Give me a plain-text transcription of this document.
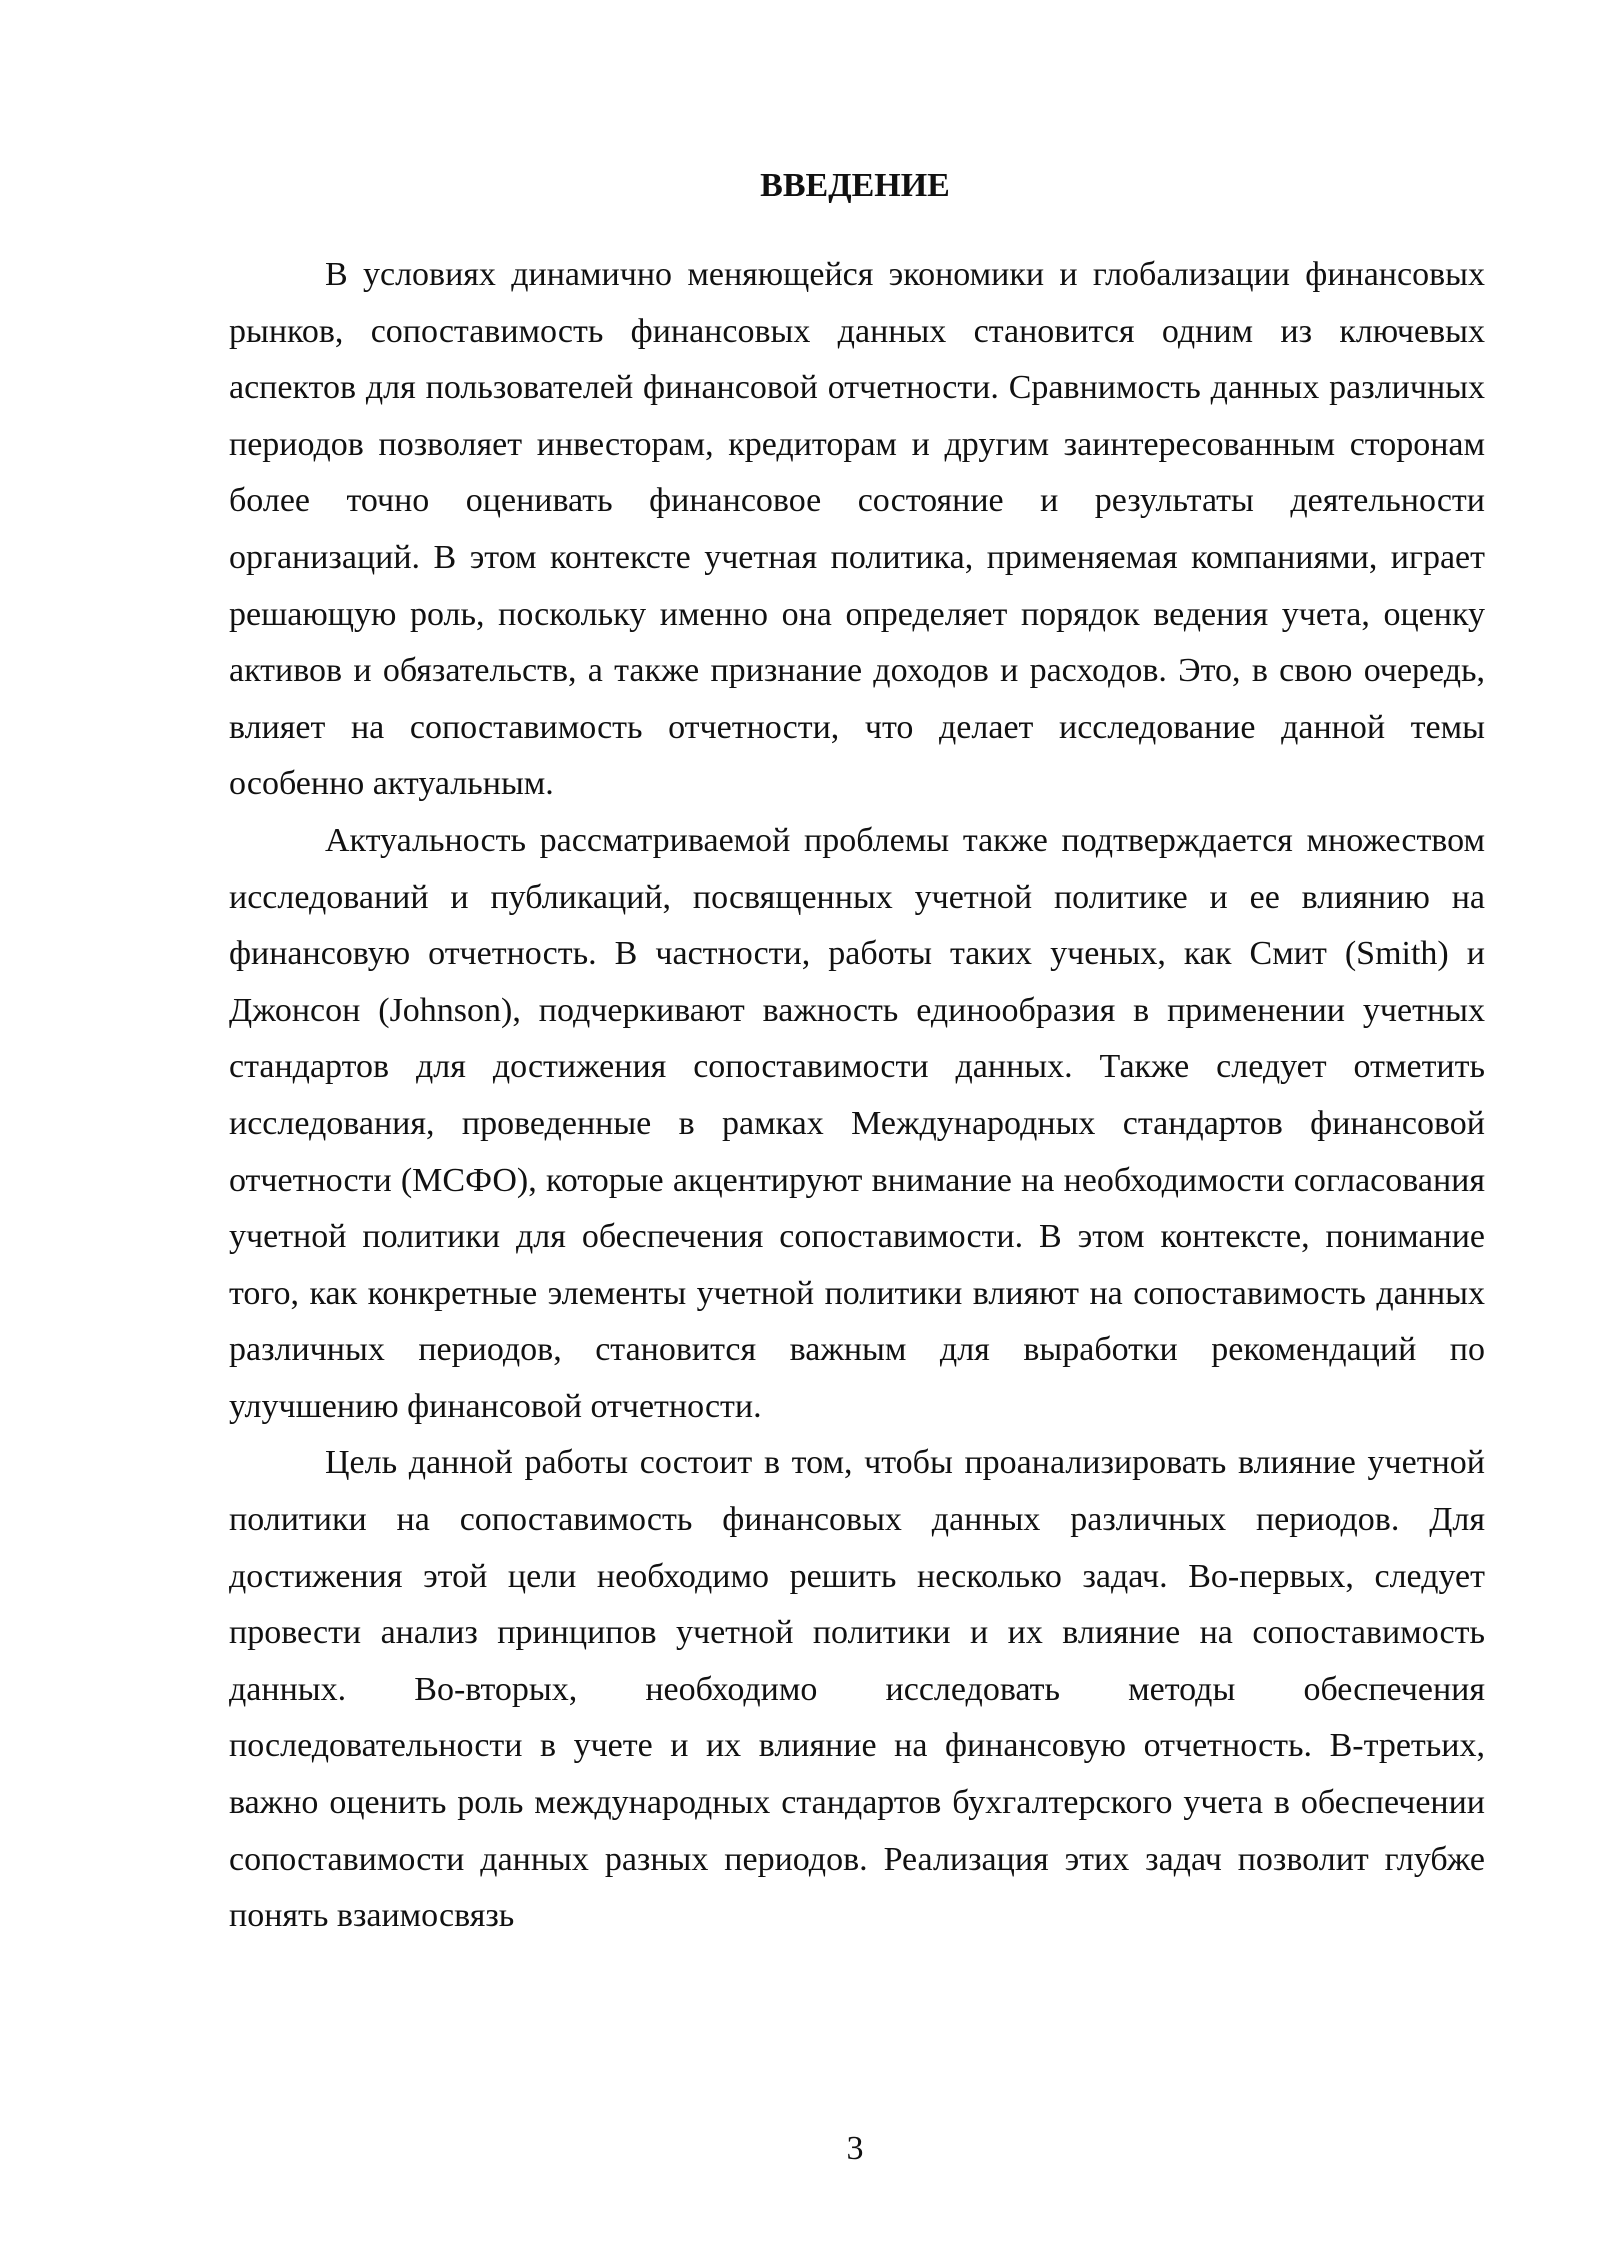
ВВЕДЕНИЕ

В условиях динамично меняющейся экономики и глобализации финансовых рынков, сопоставимость финансовых данных становится одним из ключевых аспектов для пользователей финансовой отчетности. Сравнимость данных различных периодов позволяет инвесторам, кредиторам и другим заинтересованным сторонам более точно оценивать финансовое состояние и результаты деятельности организаций. В этом контексте учетная политика, применяемая компаниями, играет решающую роль, поскольку именно она определяет порядок ведения учета, оценку активов и обязательств, а также признание доходов и расходов. Это, в свою очередь, влияет на сопоставимость отчетности, что делает исследование данной темы особенно актуальным.

Актуальность рассматриваемой проблемы также подтверждается множеством исследований и публикаций, посвященных учетной политике и ее влиянию на финансовую отчетность. В частности, работы таких ученых, как Смит (Smith) и Джонсон (Johnson), подчеркивают важность единообразия в применении учетных стандартов для достижения сопоставимости данных. Также следует отметить исследования, проведенные в рамках Международных стандартов финансовой отчетности (МСФО), которые акцентируют внимание на необходимости согласования учетной политики для обеспечения сопоставимости. В этом контексте, понимание того, как конкретные элементы учетной политики влияют на сопоставимость данных различных периодов, становится важным для выработки рекомендаций по улучшению финансовой отчетности.

Цель данной работы состоит в том, чтобы проанализировать влияние учетной политики на сопоставимость финансовых данных различных периодов. Для достижения этой цели необходимо решить несколько задач. Во-первых, следует провести анализ принципов учетной политики и их влияние на сопоставимость данных. Во-вторых, необходимо исследовать методы обеспечения последовательности в учете и их влияние на финансовую отчетность. В-третьих, важно оценить роль международных стандартов бухгалтерского учета в обеспечении сопоставимости данных разных периодов. Реализация этих задач позволит глубже понять взаимосвязь

3
